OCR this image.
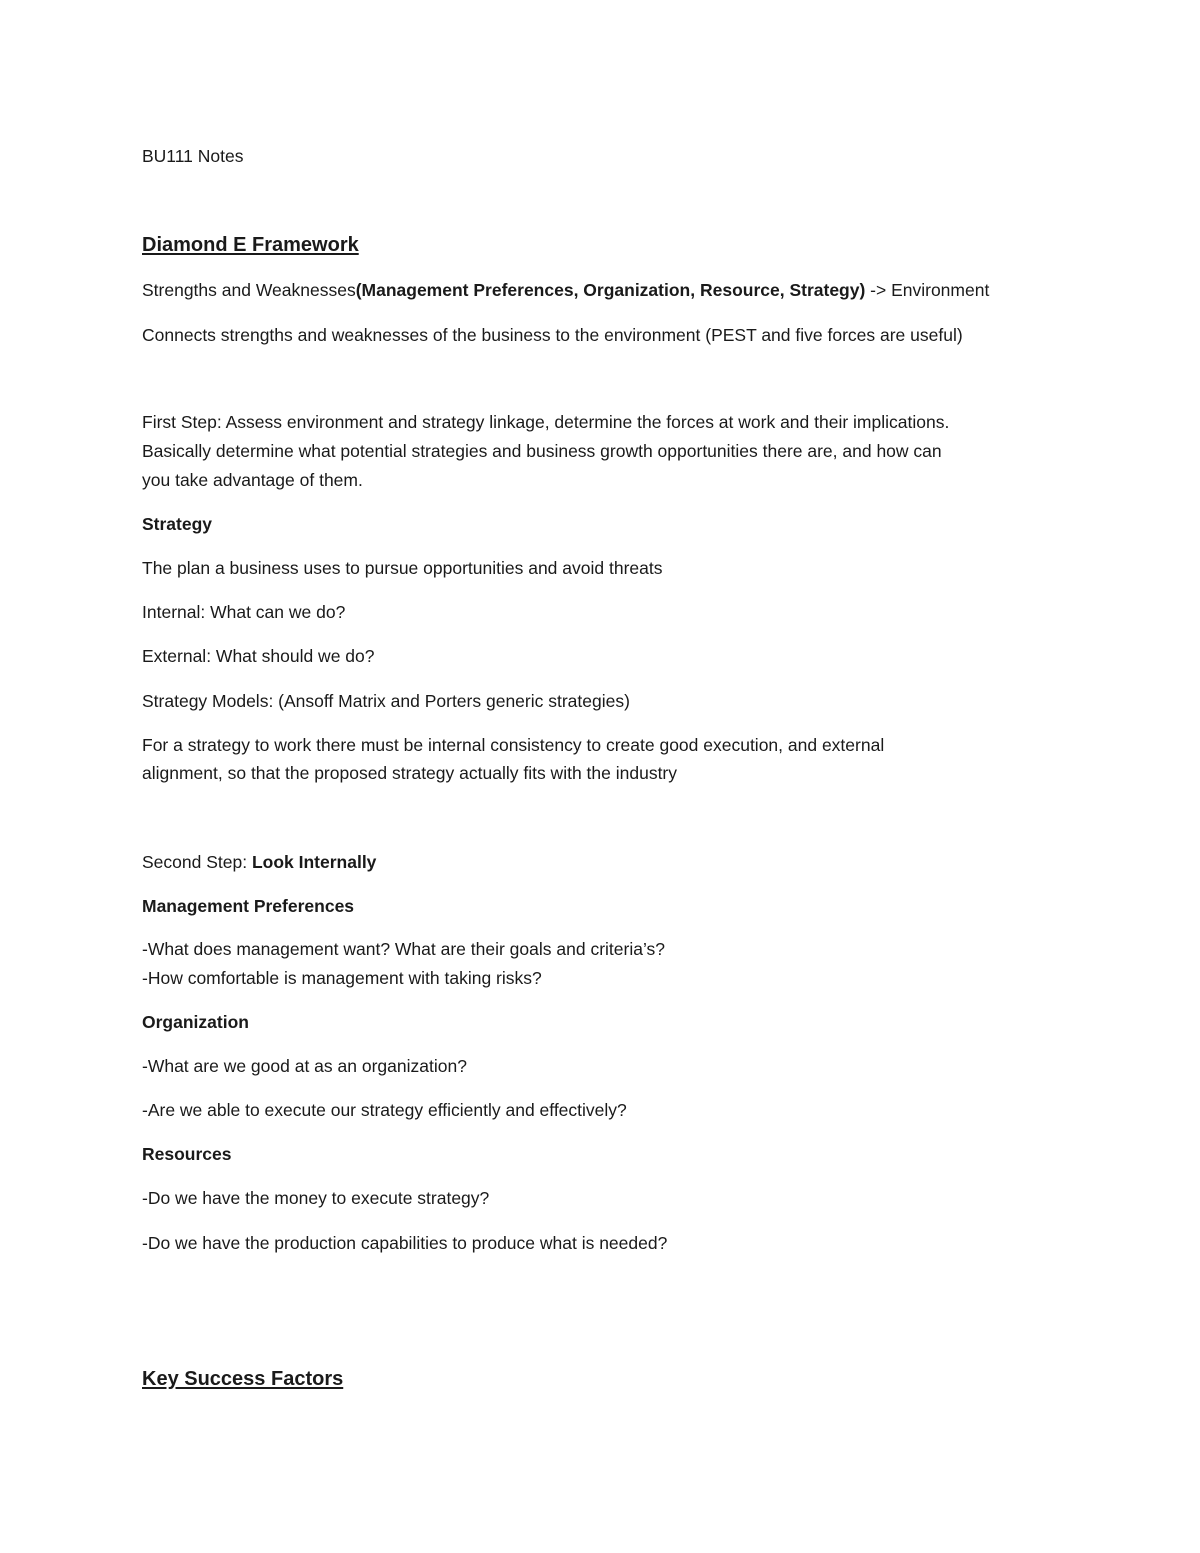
BU111 Notes
Diamond E Framework
Strengths and Weaknesses(Management Preferences, Organization, Resource, Strategy) -> Environment
Connects strengths and weaknesses of the business to the environment (PEST and five forces are useful)
First Step: Assess environment and strategy linkage, determine the forces at work and their implications.
Basically determine what potential strategies and business growth opportunities there are, and how can
you take advantage of them.
Strategy
The plan a business uses to pursue opportunities and avoid threats
Internal: What can we do?
External: What should we do?
Strategy Models: (Ansoff Matrix and Porters generic strategies)
For a strategy to work there must be internal consistency to create good execution, and external
alignment, so that the proposed strategy actually fits with the industry
Second Step: Look Internally
Management Preferences
-What does management want? What are their goals and criteria’s?
-How comfortable is management with taking risks?
Organization
-What are we good at as an organization?
-Are we able to execute our strategy efficiently and effectively?
Resources
-Do we have the money to execute strategy?
-Do we have the production capabilities to produce what is needed?
Key Success Factors
